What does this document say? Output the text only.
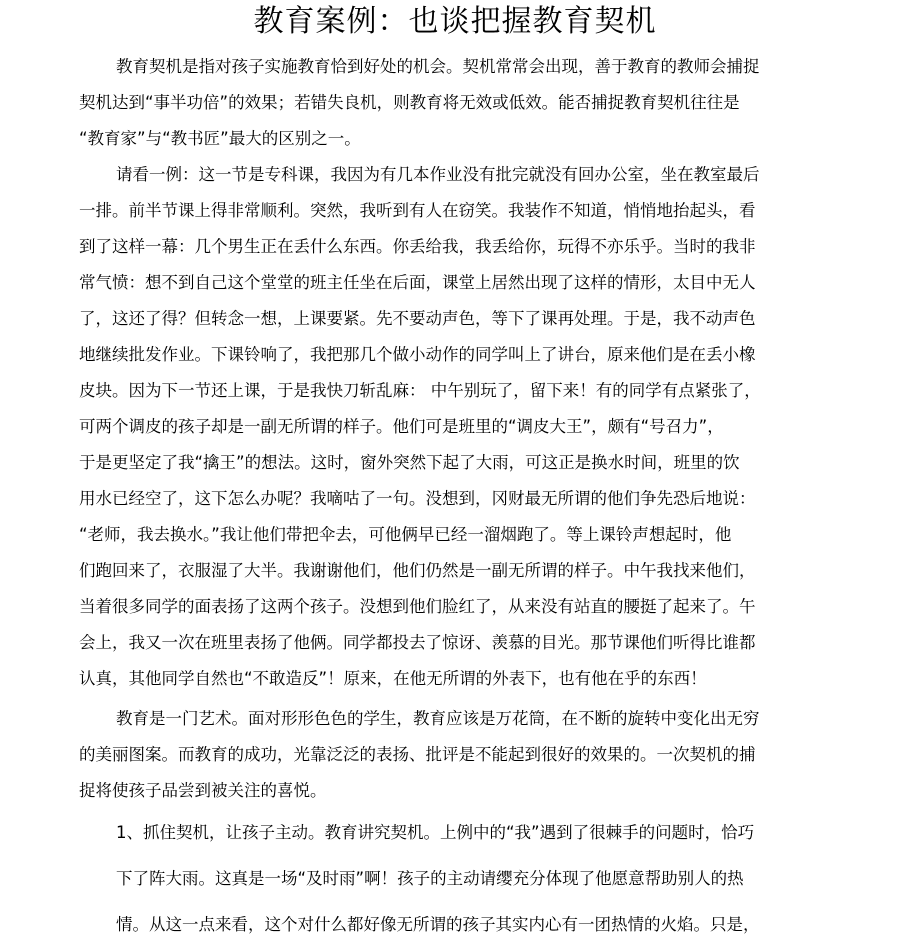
教育案例：也谈把握教育契机
教育契机是指对孩子实施教育恰到好处的机会。契机常常会出现，善于教育的教师会捕捉
契机达到“事半功倍”的效果；若错失良机，则教育将无效或低效。能否捕捉教育契机往往是
“教育家”与“教书匠”最大的区别之一。
请看一例：这一节是专科课，我因为有几本作业没有批完就没有回办公室，坐在教室最后
一排。前半节课上得非常顺利。突然，我听到有人在窃笑。我装作不知道，悄悄地抬起头，看
到了这样一幕：几个男生正在丢什么东西。你丢给我，我丢给你，玩得不亦乐乎。当时的我非
常气愤：想不到自己这个堂堂的班主任坐在后面，课堂上居然出现了这样的情形，太目中无人
了，这还了得？但转念一想，上课要紧。先不要动声色，等下了课再处理。于是，我不动声色
地继续批发作业。下课铃响了，我把那几个做小动作的同学叫上了讲台，原来他们是在丢小橡
皮块。因为下一节还上课，于是我快刀斩乱麻： 中午别玩了，留下来！有的同学有点紧张了，
可两个调皮的孩子却是一副无所谓的样子。他们可是班里的“调皮大王”，颇有“号召力”，
于是更坚定了我“擒王”的想法。这时，窗外突然下起了大雨，可这正是换水时间，班里的饮
用水已经空了，这下怎么办呢？我嘀咕了一句。没想到，冈财最无所谓的他们争先恐后地说：
“老师，我去换水。”我让他们带把伞去，可他俩早已经一溜烟跑了。等上课铃声想起时，他
们跑回来了，衣服湿了大半。我谢谢他们，他们仍然是一副无所谓的样子。中午我找来他们，
当着很多同学的面表扬了这两个孩子。没想到他们脸红了，从来没有站直的腰挺了起来了。午
会上，我又一次在班里表扬了他俩。同学都投去了惊讶、羡慕的目光。那节课他们听得比谁都
认真，其他同学自然也“不敢造反”！原来，在他无所谓的外表下，也有他在乎的东西！
教育是一门艺术。面对形形色色的学生，教育应该是万花筒，在不断的旋转中变化出无穷
的美丽图案。而教育的成功，光靠泛泛的表扬、批评是不能起到很好的效果的。一次契机的捕
捉将使孩子品尝到被关注的喜悦。
1、抓住契机，让孩子主动。教育讲究契机。上例中的“我”遇到了很棘手的问题时，恰巧
下了阵大雨。这真是一场“及时雨”啊！孩子的主动请缨充分体现了他愿意帮助别人的热
情。从这一点来看，这个对什么都好像无所谓的孩子其实内心有一团热情的火焰。只是，
